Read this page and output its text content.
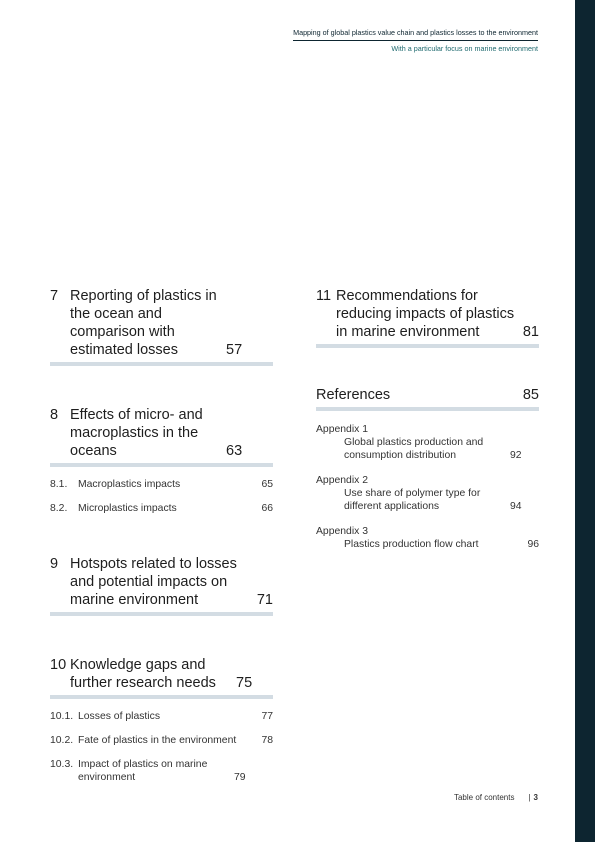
Mapping of global plastics value chain and plastics losses to the environment
With a particular focus on marine environment
7 Reporting of plastics in the ocean and comparison with estimated losses	57
8 Effects of micro- and macroplastics in the oceans	63
8.1.	Macroplastics impacts	65
8.2.	Microplastics impacts	66
9 Hotspots related to losses and potential impacts on marine environment	71
10 Knowledge gaps and further research needs	75
10.1. Losses of plastics	77
10.2. Fate of plastics in the environment	78
10.3. Impact of plastics on marine environment	79
11 Recommendations for reducing impacts of plastics in marine environment	81
References	85
Appendix 1
Global plastics production and consumption distribution	92
Appendix 2
Use share of polymer type for different applications	94
Appendix 3
Plastics production flow chart	96
Table of contents | 3
